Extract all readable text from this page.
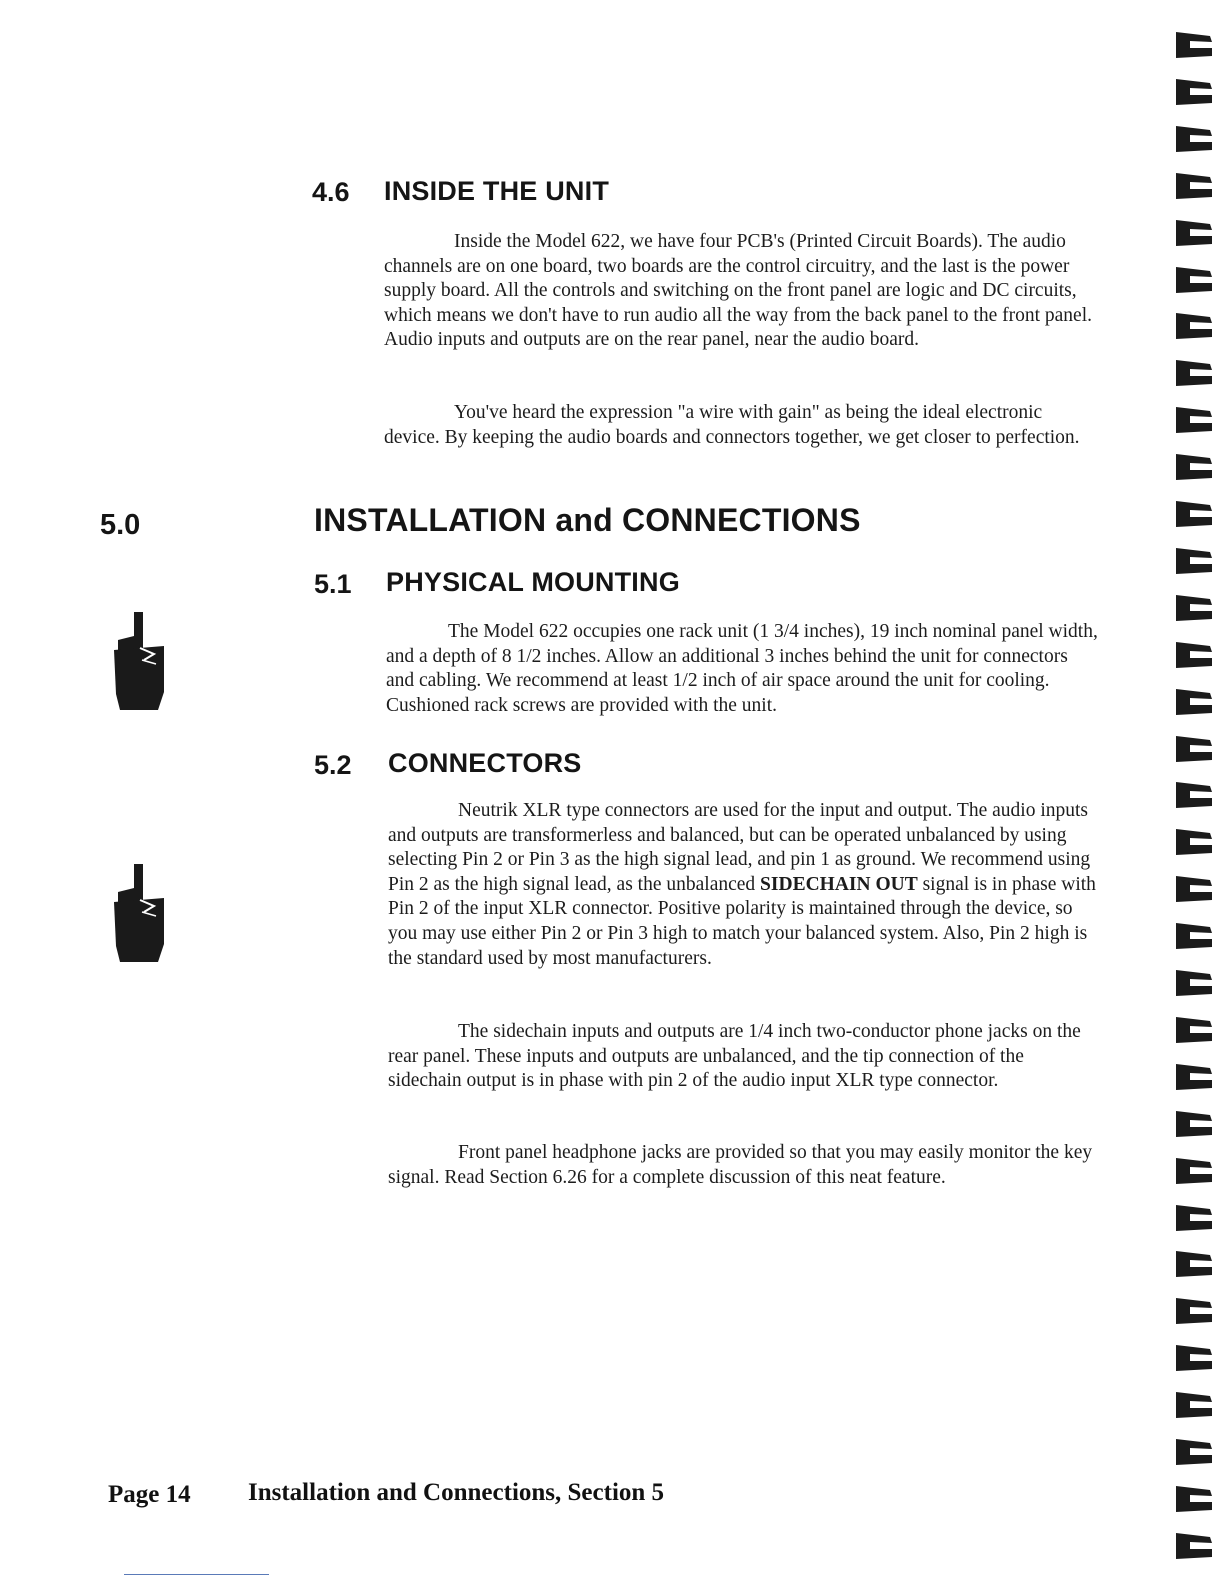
4.6 INSIDE THE UNIT

Inside the Model 622, we have four PCB's (Printed Circuit Boards). The audio channels are on one board, two boards are the control circuitry, and the last is the power supply board. All the controls and switching on the front panel are logic and DC circuits, which means we don't have to run audio all the way from the back panel to the front panel. Audio inputs and outputs are on the rear panel, near the audio board.

You've heard the expression "a wire with gain" as being the ideal electronic device. By keeping the audio boards and connectors together, we get closer to perfection.

5.0	INSTALLATION and CONNECTIONS
5.1 PHYSICAL MOUNTING

The Model 622 occupies one rack unit (1 3/4 inches), 19 inch nominal panel width, and a depth of 8 1/2 inches. Allow an additional 3 inches behind the unit for connectors and cabling. We recommend at least 1/2 inch of air space around the unit for cooling. Cushioned rack screws are provided with the unit.

5.2 CONNECTORS

Neutrik XLR type connectors are used for the input and output. The audio inputs and outputs are transformerless and balanced, but can be operated unbalanced by using selecting Pin 2 or Pin 3 as the high signal lead, and pin 1 as ground. We recommend using Pin 2 as the high signal lead, as the unbalanced SIDECHAIN OUT signal is in phase with Pin 2 of the input XLR connector. Positive polarity is maintained through the device, so you may use either Pin 2 or Pin 3 high to match your balanced system. Also, Pin 2 high is the standard used by most manufacturers.

The sidechain inputs and outputs are 1/4 inch two-conductor phone jacks on the rear panel. These inputs and outputs are unbalanced, and the tip connection of the sidechain output is in phase with pin 2 of the audio input XLR type connector.

Front panel headphone jacks are provided so that you may easily monitor the key signal. Read Section 6.26 for a complete discussion of this neat feature.

Page 14 Installation and Connections, Section 5
